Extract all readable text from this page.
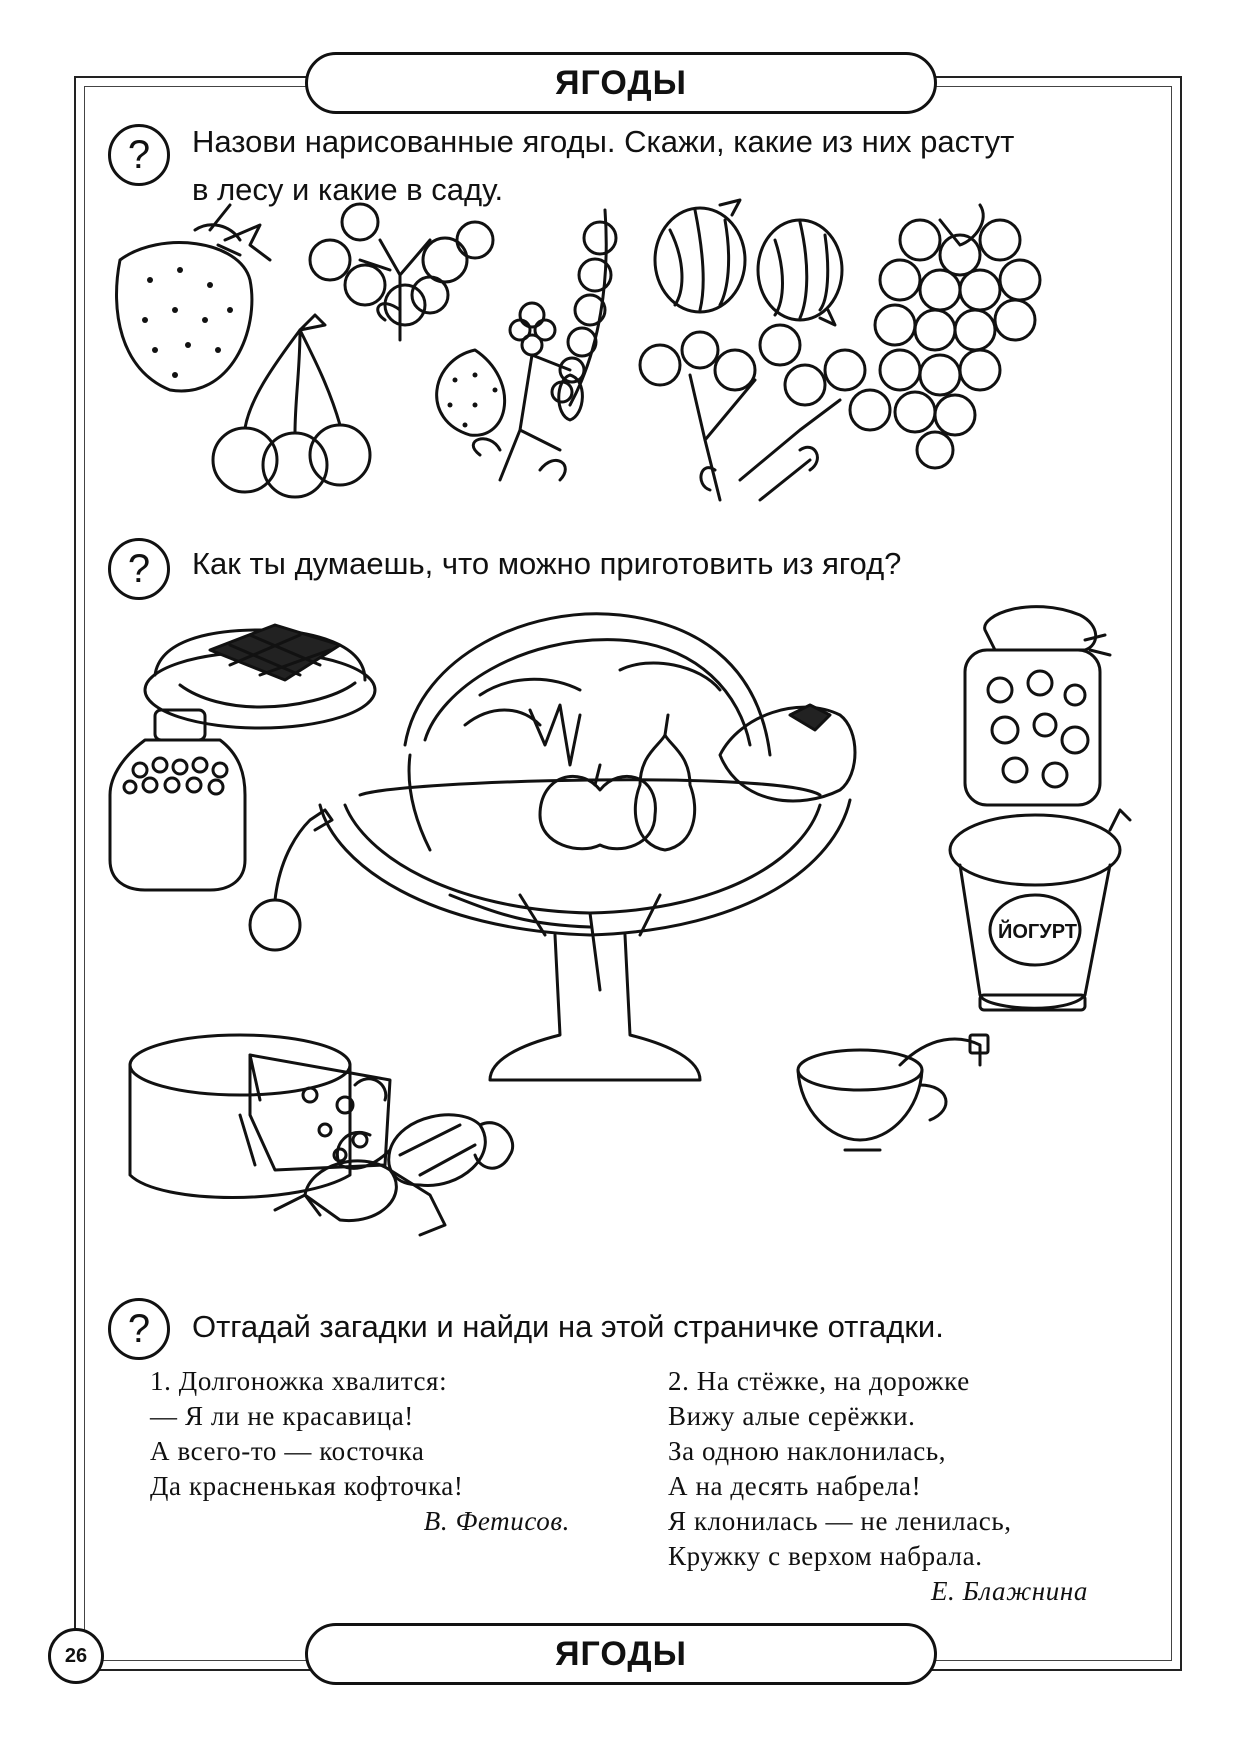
ЯГОДЫ
?	Назови нарисованные ягоды. Скажи, какие из них растут
в лесу и какие в саду.
?	Как ты думаешь, что можно приготовить из ягод?
ЙОГУРТ
?	Отгадай загадки и найди на этой страничке отгадки.
1. Долгоножка хвалится:
— Я ли не красавица!
А всего-то — косточка
Да красненькая кофточка!
В. Фетисов.
2. На стёжке, на дорожке
Вижу алые серёжки.
За одною наклонилась,
А на десять набрела!
Я клонилась — не ленилась,
Кружку с верхом набрала.
Е. Блажнина
26	ЯГОДЫ
